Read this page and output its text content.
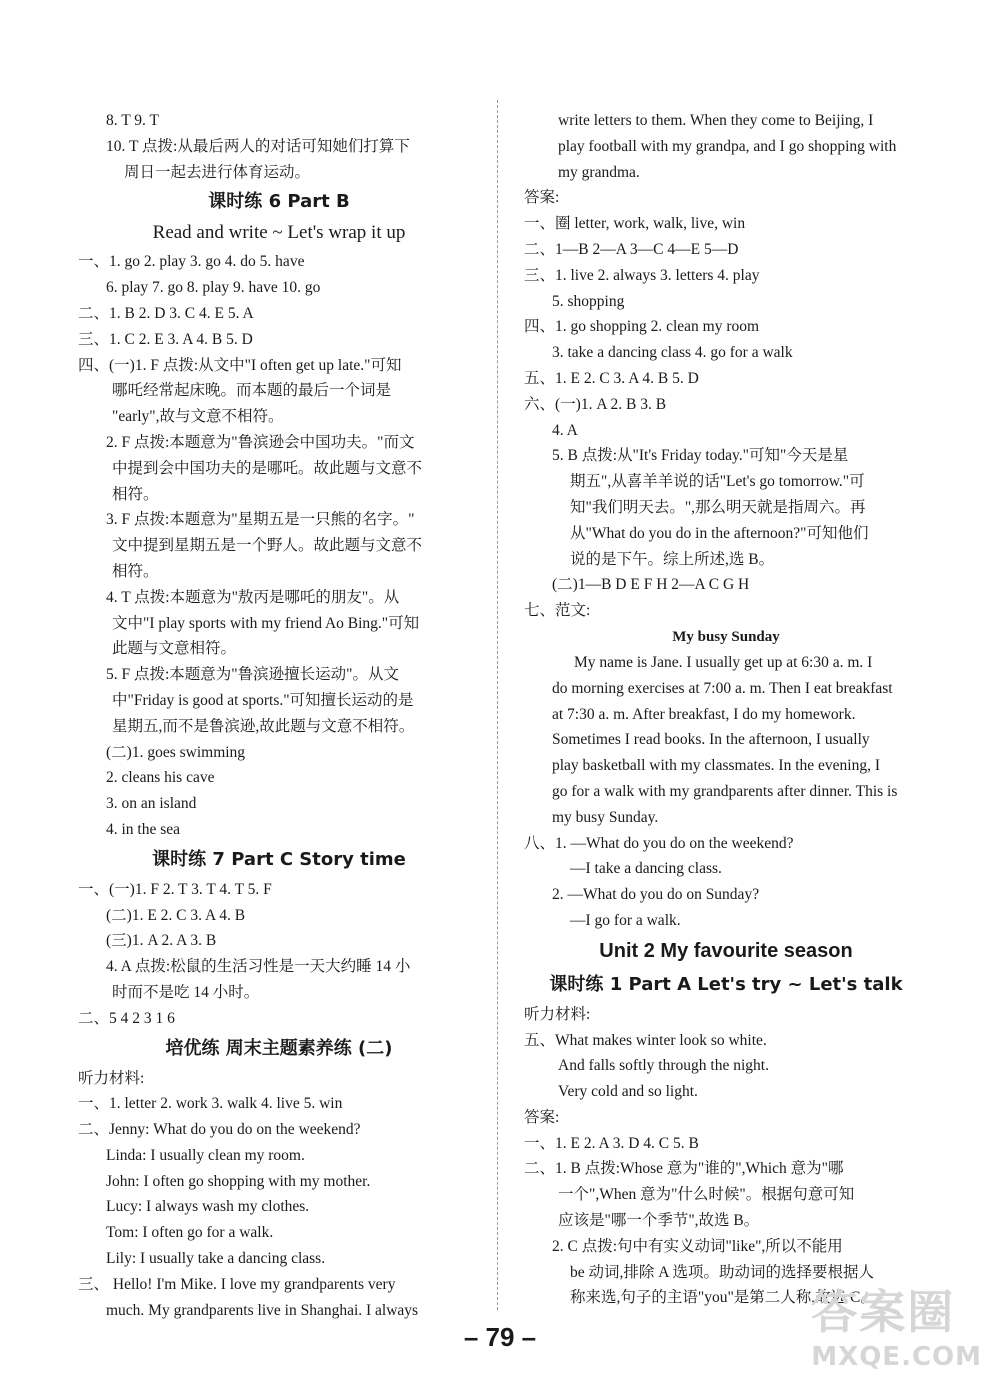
8. T 9. T
10. T 点拨:从最后两人的对话可知她们打算下
周日一起去进行体育运动。
课时练 6 Part B
Read and write ~ Let's wrap it up
一、1. go 2. play 3. go 4. do 5. have
6. play 7. go 8. play 9. have 10. go
二、1. B 2. D 3. C 4. E 5. A
三、1. C 2. E 3. A 4. B 5. D
四、(一)1. F 点拨:从文中"I often get up late."可知
哪吒经常起床晚。而本题的最后一个词是
"early",故与文意不相符。
2. F 点拨:本题意为"鲁滨逊会中国功夫。"而文
中提到会中国功夫的是哪吒。故此题与文意不
相符。
3. F 点拨:本题意为"星期五是一只熊的名字。"
文中提到星期五是一个野人。故此题与文意不
相符。
4. T 点拨:本题意为"敖丙是哪吒的朋友"。从
文中"I play sports with my friend Ao Bing."可知
此题与文意相符。
5. F 点拨:本题意为"鲁滨逊擅长运动"。从文
中"Friday is good at sports."可知擅长运动的是
星期五,而不是鲁滨逊,故此题与文意不相符。
(二)1. goes swimming
2. cleans his cave
3. on an island
4. in the sea
课时练 7 Part C Story time
一、(一)1. F 2. T 3. T 4. T 5. F
(二)1. E 2. C 3. A 4. B
(三)1. A 2. A 3. B
4. A 点拨:松鼠的生活习性是一天大约睡 14 小
时而不是吃 14 小时。
二、5 4 2 3 1 6
培优练 周末主题素养练 (二)
听力材料:
一、1. letter 2. work 3. walk 4. live 5. win
二、Jenny: What do you do on the weekend?
Linda: I usually clean my room.
John: I often go shopping with my mother.
Lucy: I always wash my clothes.
Tom: I often go for a walk.
Lily: I usually take a dancing class.
三、 Hello! I'm Mike. I love my grandparents very
much. My grandparents live in Shanghai. I always
write letters to them. When they come to Beijing, I
play football with my grandpa, and I go shopping with
my grandma.
答案:
一、圈 letter, work, walk, live, win
二、1—B 2—A 3—C 4—E 5—D
三、1. live 2. always 3. letters 4. play
5. shopping
四、1. go shopping 2. clean my room
3. take a dancing class 4. go for a walk
五、1. E 2. C 3. A 4. B 5. D
六、(一)1. A 2. B 3. B
4. A
5. B 点拨:从"It's Friday today."可知"今天是星
期五",从喜羊羊说的话"Let's go tomorrow."可
知"我们明天去。",那么明天就是指周六。再
从"What do you do in the afternoon?"可知他们
说的是下午。综上所述,选 B。
(二)1—B D E F H 2—A C G H
七、范文:
My busy Sunday
My name is Jane. I usually get up at 6:30 a. m. I
do morning exercises at 7:00 a. m. Then I eat breakfast
at 7:30 a. m. After breakfast, I do my homework.
Sometimes I read books. In the afternoon, I usually
play basketball with my classmates. In the evening, I
go for a walk with my grandparents after dinner. This is
my busy Sunday.
八、1. —What do you do on the weekend?
—I take a dancing class.
2. —What do you do on Sunday?
—I go for a walk.
Unit 2 My favourite season
课时练 1 Part A Let's try ~ Let's talk
听力材料:
五、What makes winter look so white.
And falls softly through the night.
Very cold and so light.
答案:
一、1. E 2. A 3. D 4. C 5. B
二、1. B 点拨:Whose 意为"谁的",Which 意为"哪
一个",When 意为"什么时候"。根据句意可知
应该是"哪一个季节",故选 B。
2. C 点拨:句中有实义动词"like",所以不能用
be 动词,排除 A 选项。助动词的选择要根据人
称来选,句子的主语"you"是第二人称,故选 C。
– 79 –	答案圈
MXQE.COM
